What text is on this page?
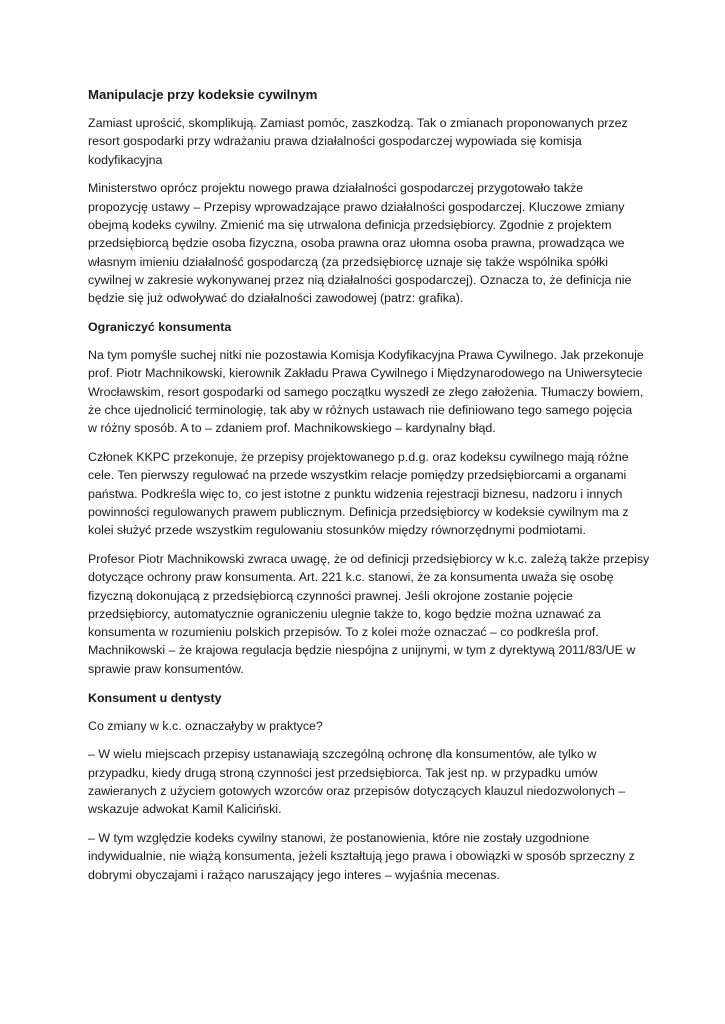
Manipulacje przy kodeksie cywilnym
Zamiast uprościć, skomplikują. Zamiast pomóc, zaszkodzą. Tak o zmianach proponowanych przez
resort gospodarki przy wdrażaniu prawa działalności gospodarczej wypowiada się komisja
kodyfikacyjna
Ministerstwo oprócz projektu nowego prawa działalności gospodarczej przygotowało także
propozycję ustawy – Przepisy wprowadzające prawo działalności gospodarczej. Kluczowe zmiany
obejmą kodeks cywilny. Zmienić ma się utrwalona definicja przedsiębiorcy. Zgodnie z projektem
przedsiębiorcą będzie osoba fizyczna, osoba prawna oraz ułomna osoba prawna, prowadząca we
własnym imieniu działalność gospodarczą (za przedsiębiorcę uznaje się także wspólnika spółki
cywilnej w zakresie wykonywanej przez nią działalności gospodarczej). Oznacza to, że definicja nie
będzie się już odwoływać do działalności zawodowej (patrz: grafika).
Ograniczyć konsumenta
Na tym pomyśle suchej nitki nie pozostawia Komisja Kodyfikacyjna Prawa Cywilnego. Jak przekonuje
prof. Piotr Machnikowski, kierownik Zakładu Prawa Cywilnego i Międzynarodowego na Uniwersytecie
Wrocławskim, resort gospodarki od samego początku wyszedł ze złego założenia. Tłumaczy bowiem,
że chce ujednolicić terminologię, tak aby w różnych ustawach nie definiowano tego samego pojęcia
w różny sposób. A to – zdaniem prof. Machnikowskiego – kardynalny błąd.
Członek KKPC przekonuje, że przepisy projektowanego p.d.g. oraz kodeksu cywilnego mają różne
cele. Ten pierwszy regulować na przede wszystkim relacje pomiędzy przedsiębiorcami a organami
państwa. Podkreśla więc to, co jest istotne z punktu widzenia rejestracji biznesu, nadzoru i innych
powinności regulowanych prawem publicznym. Definicja przedsiębiorcy w kodeksie cywilnym ma z
kolei służyć przede wszystkim regulowaniu stosunków między równorzędnymi podmiotami.
Profesor Piotr Machnikowski zwraca uwagę, że od definicji przedsiębiorcy w k.c. zależą także przepisy
dotyczące ochrony praw konsumenta. Art. 221 k.c. stanowi, że za konsumenta uważa się osobę
fizyczną dokonującą z przedsiębiorcą czynności prawnej. Jeśli okrojone zostanie pojęcie
przedsiębiorcy, automatycznie ograniczeniu ulegnie także to, kogo będzie można uznawać za
konsumenta w rozumieniu polskich przepisów. To z kolei może oznaczać – co podkreśla prof.
Machnikowski – że krajowa regulacja będzie niespójna z unijnymi, w tym z dyrektywą 2011/83/UE w
sprawie praw konsumentów.
Konsument u dentysty
Co zmiany w k.c. oznaczałyby w praktyce?
– W wielu miejscach przepisy ustanawiają szczególną ochronę dla konsumentów, ale tylko w
przypadku, kiedy drugą stroną czynności jest przedsiębiorca. Tak jest np. w przypadku umów
zawieranych z użyciem gotowych wzorców oraz przepisów dotyczących klauzul niedozwolonych –
wskazuje adwokat Kamil Kaliciński.
– W tym względzie kodeks cywilny stanowi, że postanowienia, które nie zostały uzgodnione
indywidualnie, nie wiążą konsumenta, jeżeli kształtują jego prawa i obowiązki w sposób sprzeczny z
dobrymi obyczajami i rażąco naruszający jego interes – wyjaśnia mecenas.
